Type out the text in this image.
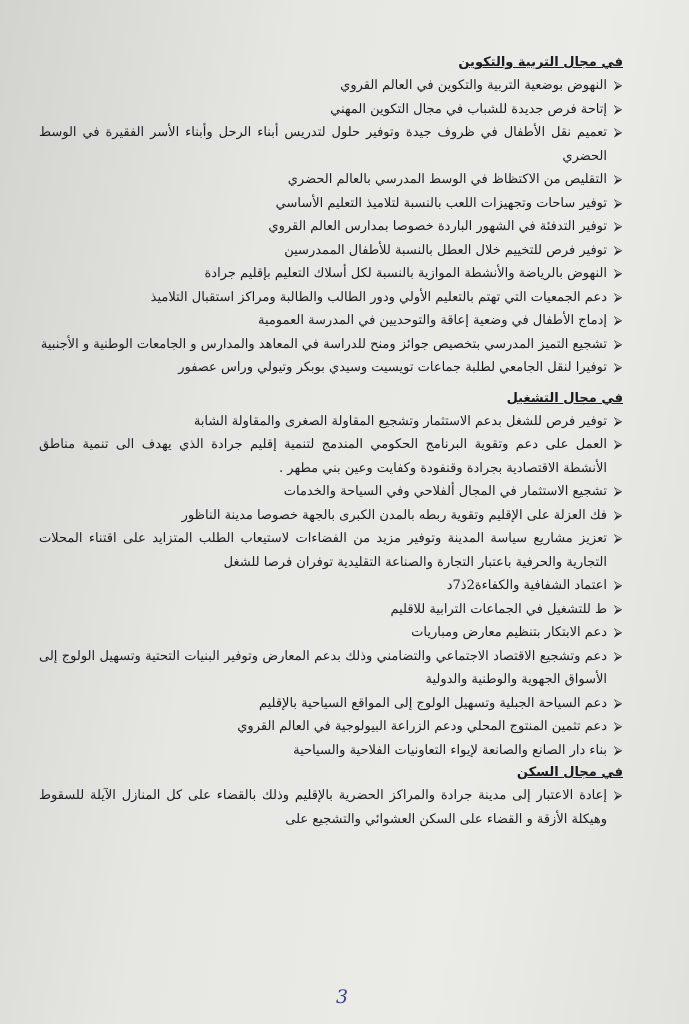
في مجال التربية والتكوين
⮚
النهوض بوضعية التربية والتكوين في العالم القروي
⮚
إتاحة فرص جديدة للشباب في مجال التكوين المهني
⮚
تعميم نقل الأطفال في ظروف جيدة وتوفير حلول لتدريس أبناء الرحل وأبناء الأسر الفقيرة في الوسط الحضري
⮚
التقليص من الاكتظاظ في الوسط المدرسي بالعالم الحضري
⮚
توفير ساحات وتجهيزات اللعب بالنسبة لتلاميذ التعليم الأساسي
⮚
توفير التدفئة في الشهور الباردة خصوصا بمدارس العالم القروي
⮚
توفير فرص للتخييم خلال العطل بالنسبة للأطفال الممدرسين
⮚
النهوض بالرياضة والأنشطة الموازية بالنسبة لكل أسلاك التعليم بإقليم جرادة
⮚
دعم الجمعيات التي تهتم بالتعليم الأولي ودور الطالب والطالبة ومراكز استقبال التلاميذ
⮚
إدماج الأطفال في وضعية إعاقة والتوحديين في المدرسة العمومية
⮚
تشجيع التميز المدرسي بتخصيص جوائز ومنح للدراسة في المعاهد والمدارس و الجامعات الوطنية و الأجنبية
⮚
توفيرا لنقل الجامعي لطلبة جماعات تويسيت وسيدي بوبكر وتيولي وراس عصفور
في مجال التشغيل
⮚
توفير فرص للشغل بدعم الاستثمار وتشجيع المقاولة الصغرى والمقاولة الشابة
⮚
العمل على دعم وتقوية البرنامج الحكومي المندمج لتنمية إقليم جرادة الذي يهدف الى تنمية مناطق الأنشطة الاقتصادية بجرادة وقنفودة وكفايت وعين بني مطهر .
⮚
تشجيع الاستثمار في المجال ألفلاحي وفي السياحة والخدمات
⮚
فك العزلة على الإقليم وتقوية ربطه بالمدن الكبرى بالجهة خصوصا مدينة الناظور
⮚
تعزيز مشاريع سياسة المدينة وتوفير مزيد من الفضاءات لاستيعاب الطلب المتزايد على اقتناء المحلات التجارية والحرفية باعتبار التجارة والصناعة التقليدية توفران فرصا للشغل
⮚
اعتماد الشفافية والكفاءة2ذ7د
⮚
ط للتشغيل في الجماعات الترابية للاقليم
⮚
دعم الابتكار بتنظيم معارض ومباريات
⮚
دعم وتشجيع الاقتصاد الاجتماعي والتضامني وذلك بدعم المعارض وتوفير البنيات التحتية وتسهيل الولوج إلى الأسواق الجهوية والوطنية والدولية
⮚
دعم السياحة الجبلية وتسهيل الولوج إلى المواقع السياحية بالإقليم
⮚
دعم تثمين المنتوج المحلي ودعم الزراعة البيولوجية في العالم القروي
⮚
بناء دار الصانع والصانعة لإيواء التعاونيات الفلاحية والسياحية
في مجال السكن
⮚
إعادة الاعتبار إلى مدينة جرادة والمراكز الحضرية بالإقليم وذلك بالقضاء على كل المنازل الآيلة للسقوط وهيكلة الأزقة و القضاء على السكن العشوائي والتشجيع على
3
